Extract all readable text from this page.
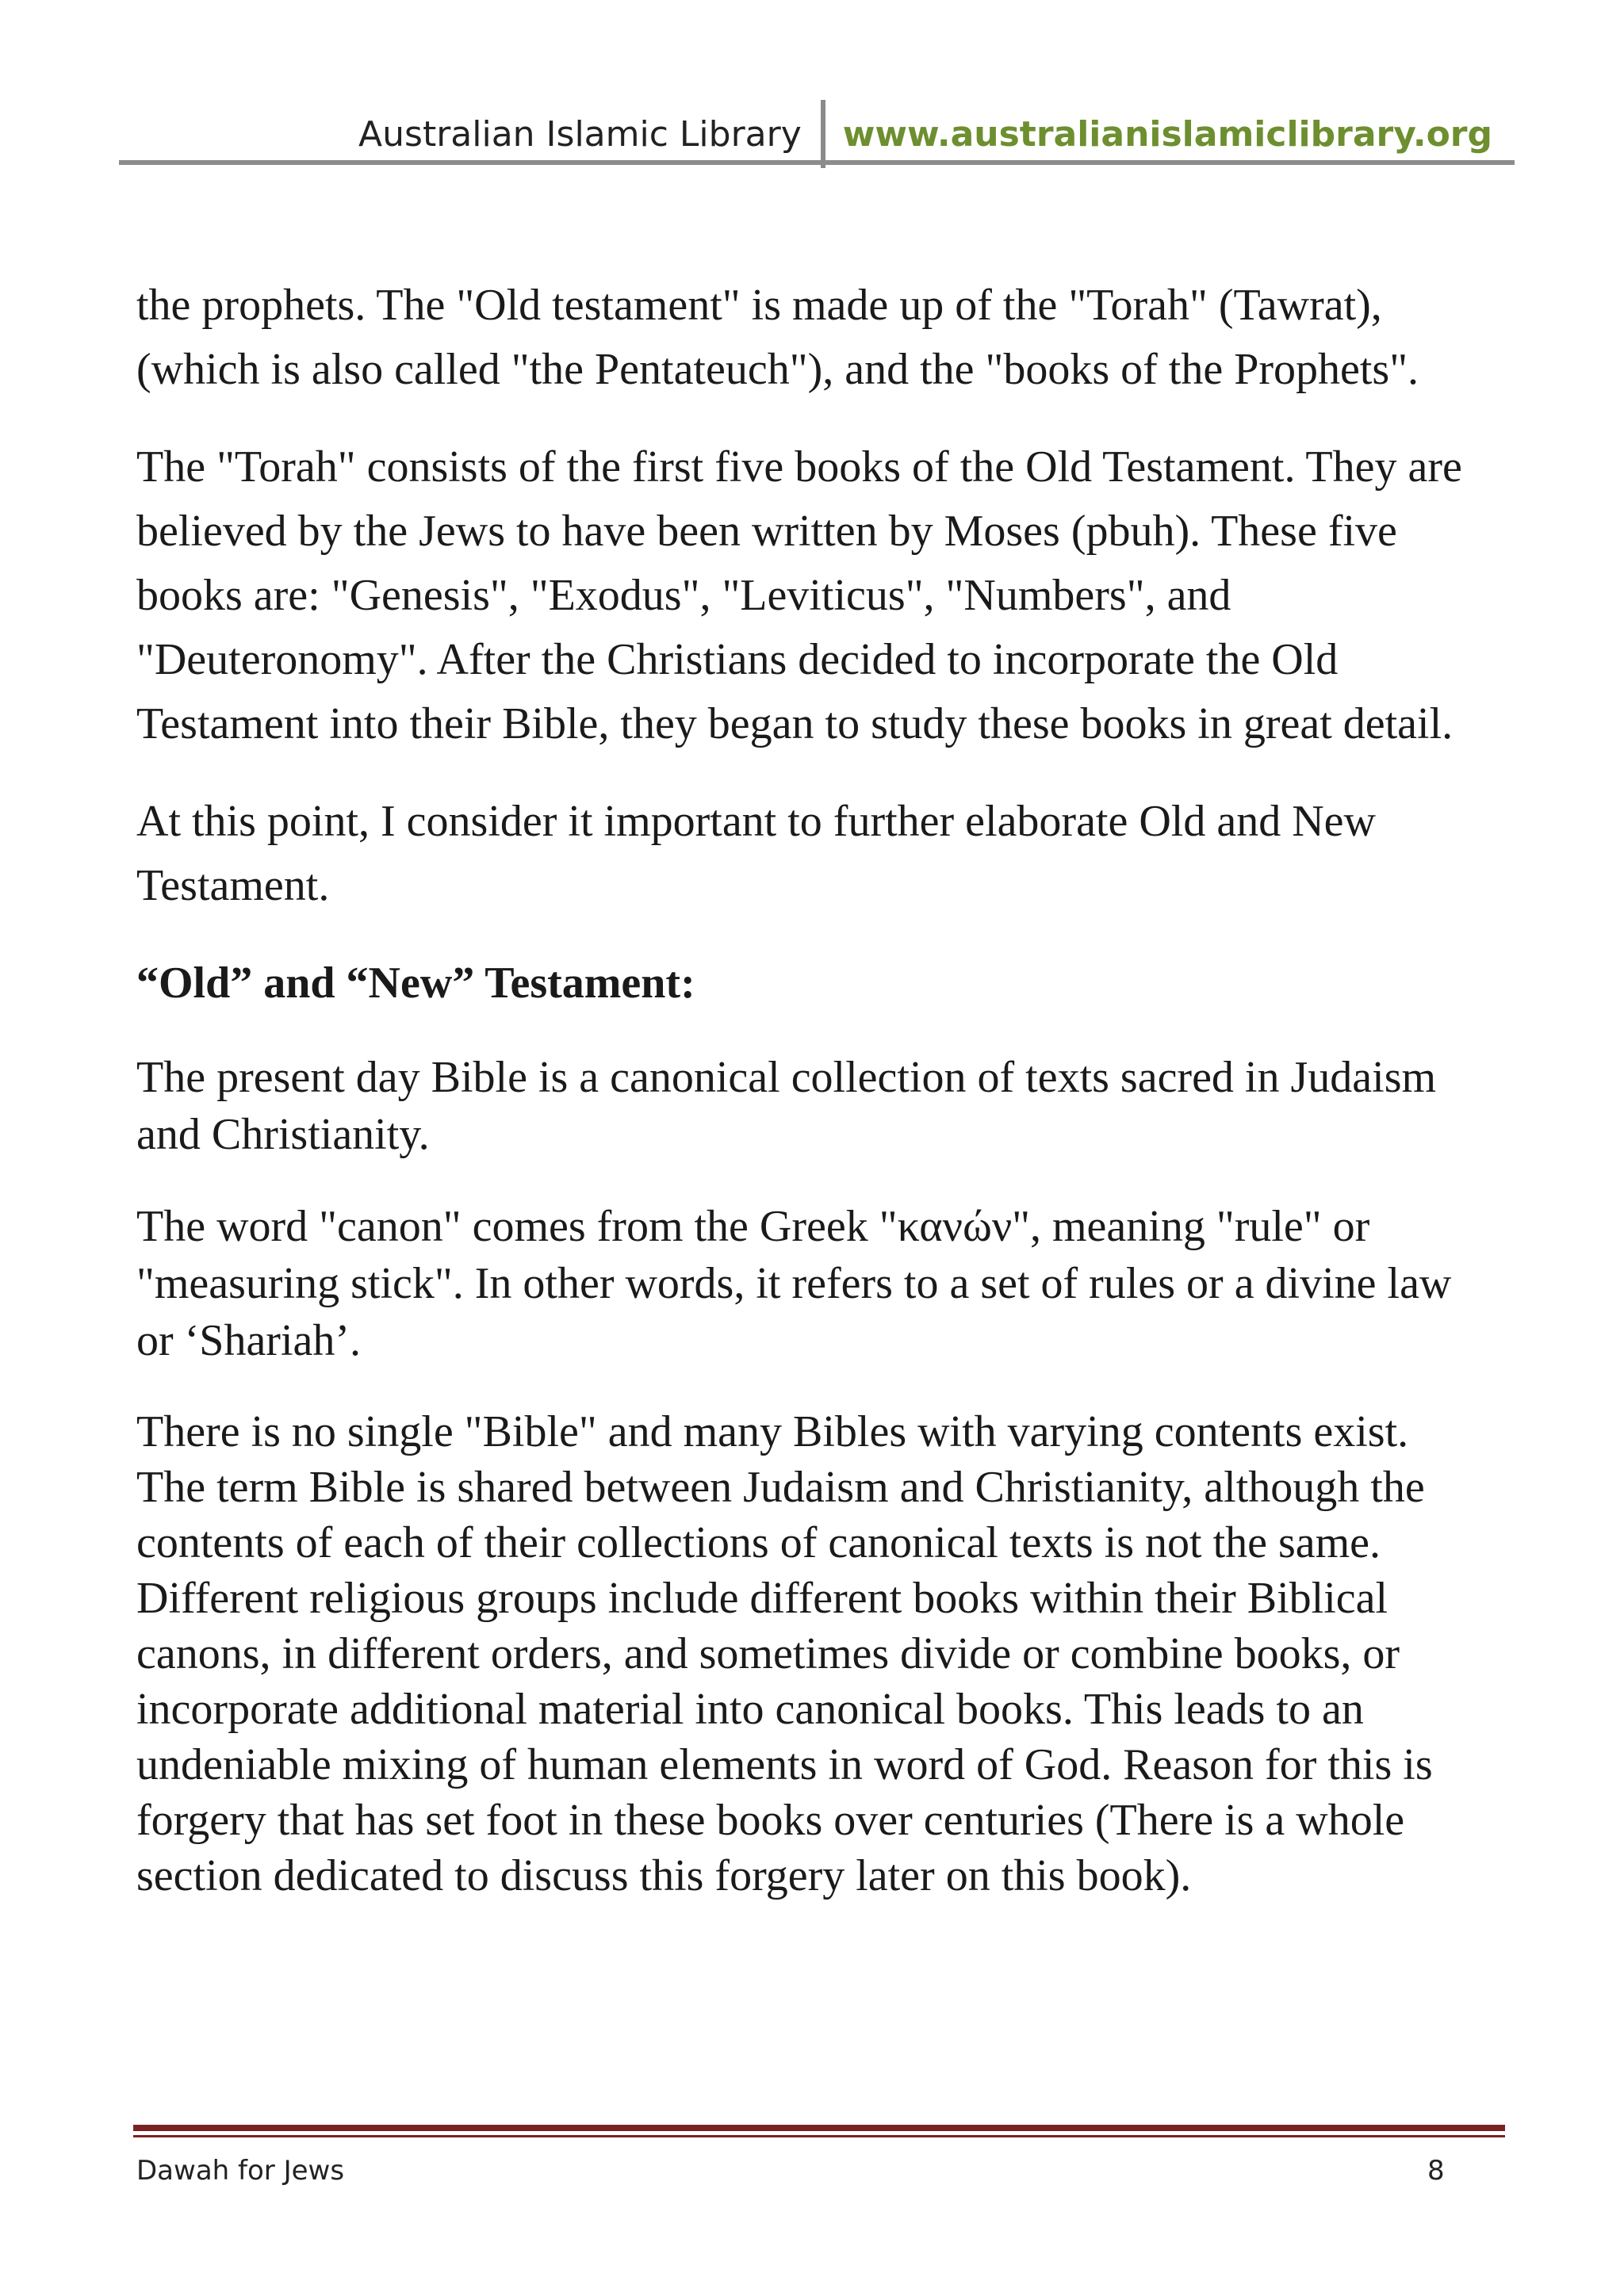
Australian Islamic Library	www.australianislamiclibrary.org

the prophets. The "Old testament" is made up of the "Torah" (Tawrat), (which is also called "the Pentateuch"), and the "books of the Prophets".

The "Torah" consists of the first five books of the Old Testament. They are believed by the Jews to have been written by Moses (pbuh). These five books are: "Genesis", "Exodus", "Leviticus", "Numbers", and "Deuteronomy". After the Christians decided to incorporate the Old Testament into their Bible, they began to study these books in great detail.

At this point, I consider it important to further elaborate Old and New Testament.

“Old” and “New” Testament:

The present day Bible is a canonical collection of texts sacred in Judaism and Christianity.

The word "canon" comes from the Greek "κανών", meaning "rule" or "measuring stick". In other words, it refers to a set of rules or a divine law or ‘Shariah’.

There is no single "Bible" and many Bibles with varying contents exist. The term Bible is shared between Judaism and Christianity, although the contents of each of their collections of canonical texts is not the same. Different religious groups include different books within their Biblical canons, in different orders, and sometimes divide or combine books, or incorporate additional material into canonical books. This leads to an undeniable mixing of human elements in word of God. Reason for this is forgery that has set foot in these books over centuries (There is a whole section dedicated to discuss this forgery later on this book).

Dawah for Jews	8
